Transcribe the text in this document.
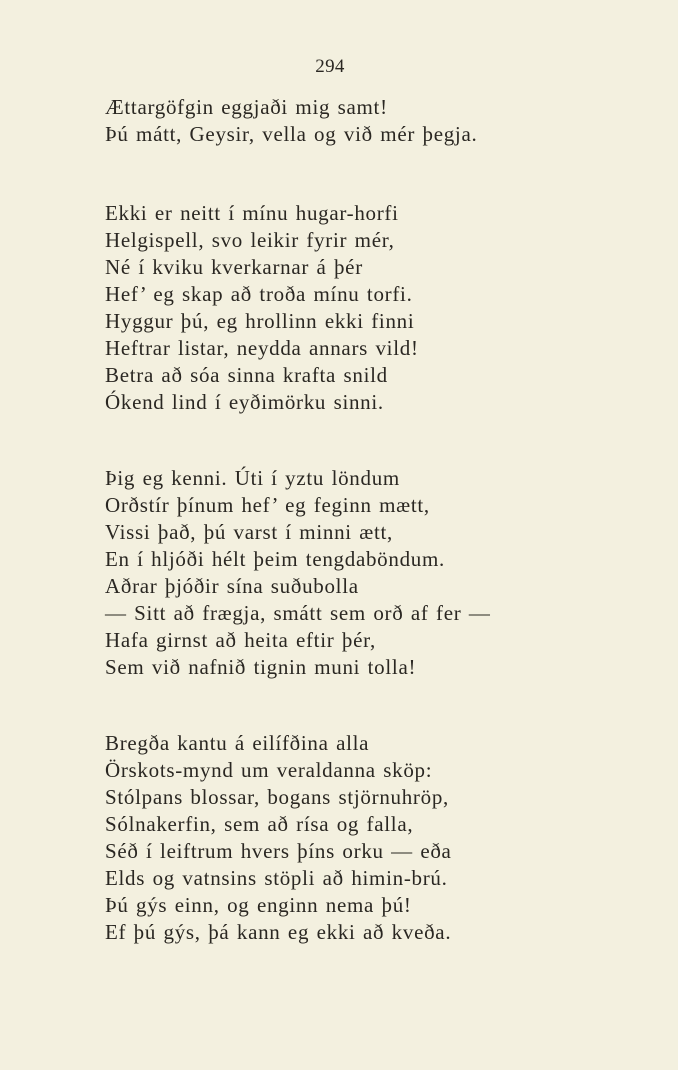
294
Ættargöfgin eggjaði mig samt!
Þú mátt, Geysir, vella og við mér þegja.
Ekki er neitt í mínu hugar-horfi
Helgispell, svo leikir fyrir mér,
Né í kviku kverkarnar á þér
Hef’ eg skap að troða mínu torfi.
Hyggur þú, eg hrollinn ekki finni
Heftrar listar, neydda annars vild!
Betra að sóa sinna krafta snild
Ókend lind í eyðimörku sinni.
Þig eg kenni. Úti í yztu löndum
Orðstír þínum hef’ eg feginn mætt,
Vissi það, þú varst í minni ætt,
En í hljóði hélt þeim tengdaböndum.
Aðrar þjóðir sína suðubolla
— Sitt að frægja, smátt sem orð af fer —
Hafa girnst að heita eftir þér,
Sem við nafnið tignin muni tolla!
Bregða kantu á eilífðina alla
Örskots-mynd um veraldanna sköp:
Stólpans blossar, bogans stjörnuhröp,
Sólnakerfin, sem að rísa og falla,
Séð í leiftrum hvers þíns orku — eða
Elds og vatnsins stöpli að himin-brú.
Þú gýs einn, og enginn nema þú!
Ef þú gýs, þá kann eg ekki að kveða.
